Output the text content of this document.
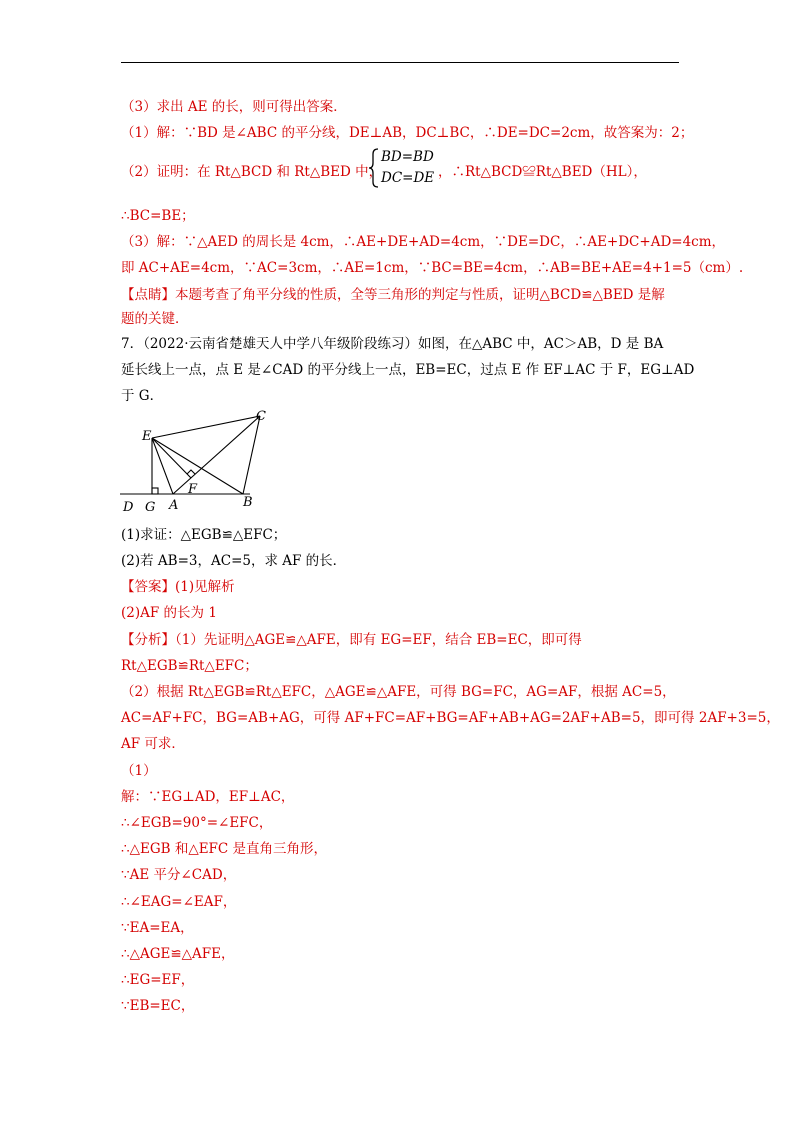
（3）求出 AE 的长，则可得出答案．
（1）解：∵BD 是∠ABC 的平分线，DE⊥AB，DC⊥BC，∴DE=DC=2cm，故答案为：2；
（2）证明：在 Rt△BCD 和 Rt△BED 中，	，∴Rt△BCD≌Rt△BED（HL），
∴BC=BE；
（3）解：∵△AED 的周长是 4cm，∴AE+DE+AD=4cm，∵DE=DC，∴AE+DC+AD=4cm，
即 AC+AE=4cm，∵AC=3cm，∴AE=1cm，∵BC=BE=4cm，∴AB=BE+AE=4+1=5（cm）.
【点睛】本题考查了角平分线的性质，全等三角形的判定与性质，证明△BCD≌△BED 是解
题的关键．
7．（2022·云南省楚雄天人中学八年级阶段练习）如图，在△ABC 中，AC＞AB，D 是 BA
延长线上一点，点 E 是∠CAD 的平分线上一点，EB=EC，过点 E 作 EF⊥AC 于 F，EG⊥AD
于 G．
(1)求证：△EGB≌△EFC；
(2)若 AB=3，AC=5，求 AF 的长．
【答案】(1)见解析
(2)AF 的长为 1
【分析】（1）先证明△AGE≌△AFE，即有 EG=EF，结合 EB=EC，即可得
Rt△EGB≌Rt△EFC；
（2）根据 Rt△EGB≌Rt△EFC，△AGE≌△AFE，可得 BG=FC，AG=AF，根据 AC=5，
AC=AF+FC，BG=AB+AG，可得 AF+FC=AF+BG=AF+AB+AG=2AF+AB=5，即可得 2AF+3=5，
AF 可求．
（1）
解：∵EG⊥AD，EF⊥AC，
∴∠EGB=90°=∠EFC，
∴△EGB 和△EFC 是直角三角形，
∵AE 平分∠CAD，
∴∠EAG=∠EAF，
∵EA=EA，
∴△AGE≌△AFE，
∴EG=EF，
∵EB=EC，
BD=BD
DC=DE
E
C
F
D G A	B
